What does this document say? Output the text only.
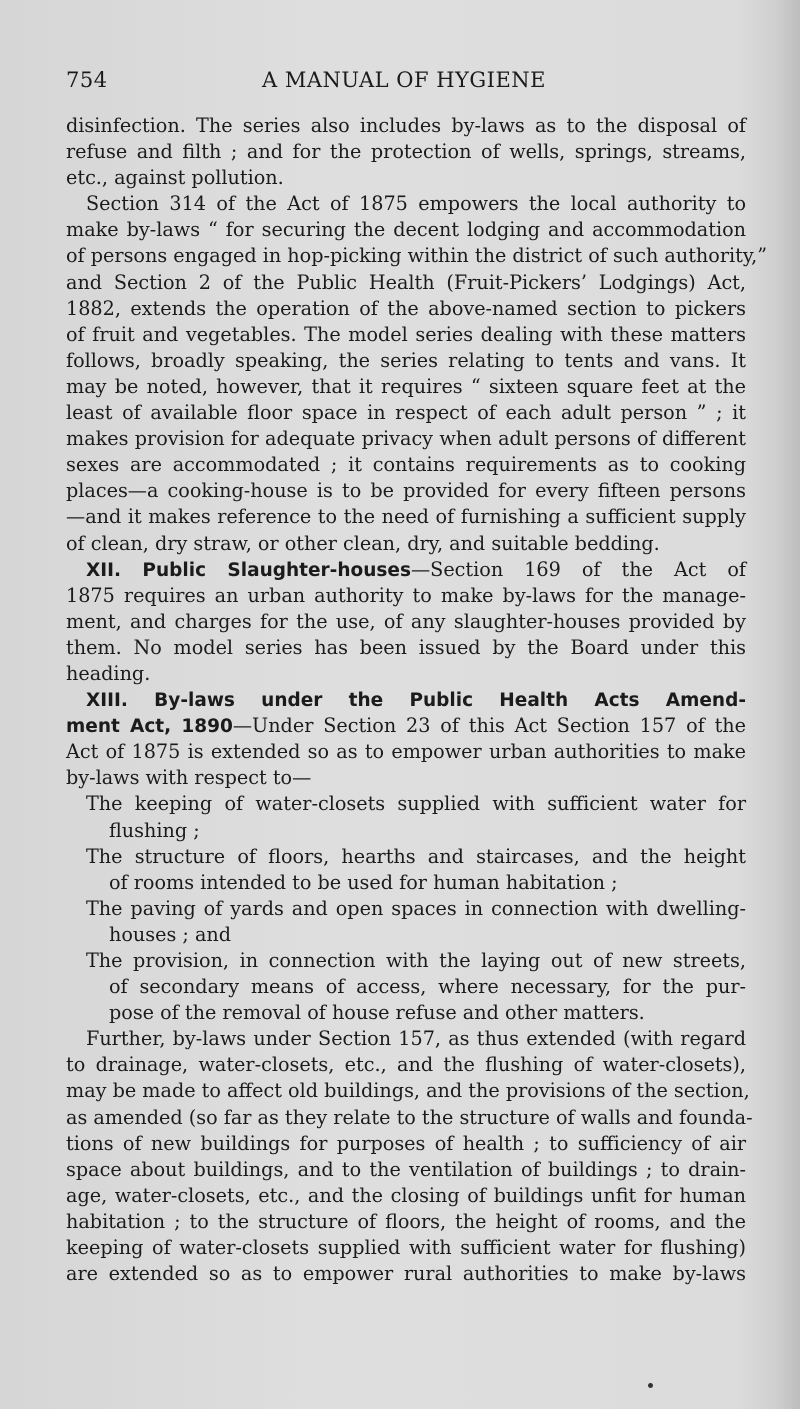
754	A MANUAL OF HYGIENE
disinfection. The series also includes by-laws as to the disposal of
refuse and filth ; and for the protection of wells, springs, streams,
etc., against pollution.
Section 314 of the Act of 1875 empowers the local authority to
make by-laws “ for securing the decent lodging and accommodation
of persons engaged in hop-picking within the district of such authority,”
and Section 2 of the Public Health (Fruit-Pickers’ Lodgings) Act,
1882, extends the operation of the above-named section to pickers
of fruit and vegetables. The model series dealing with these matters
follows, broadly speaking, the series relating to tents and vans. It
may be noted, however, that it requires “ sixteen square feet at the
least of available floor space in respect of each adult person ” ; it
makes provision for adequate privacy when adult persons of different
sexes are accommodated ; it contains requirements as to cooking
places—a cooking-house is to be provided for every fifteen persons
—and it makes reference to the need of furnishing a sufficient supply
of clean, dry straw, or other clean, dry, and suitable bedding.
XII. Public Slaughter-houses—Section 169 of the Act of
1875 requires an urban authority to make by-laws for the manage-
ment, and charges for the use, of any slaughter-houses provided by
them. No model series has been issued by the Board under this
heading.
XIII. By-laws under the Public Health Acts Amend-
ment Act, 1890—Under Section 23 of this Act Section 157 of the
Act of 1875 is extended so as to empower urban authorities to make
by-laws with respect to—
The keeping of water-closets supplied with sufficient water for
flushing ;
The structure of floors, hearths and staircases, and the height
of rooms intended to be used for human habitation ;
The paving of yards and open spaces in connection with dwelling-
houses ; and
The provision, in connection with the laying out of new streets,
of secondary means of access, where necessary, for the pur-
pose of the removal of house refuse and other matters.
Further, by-laws under Section 157, as thus extended (with regard
to drainage, water-closets, etc., and the flushing of water-closets),
may be made to affect old buildings, and the provisions of the section,
as amended (so far as they relate to the structure of walls and founda-
tions of new buildings for purposes of health ; to sufficiency of air
space about buildings, and to the ventilation of buildings ; to drain-
age, water-closets, etc., and the closing of buildings unfit for human
habitation ; to the structure of floors, the height of rooms, and the
keeping of water-closets supplied with sufficient water for flushing)
are extended so as to empower rural authorities to make by-laws
